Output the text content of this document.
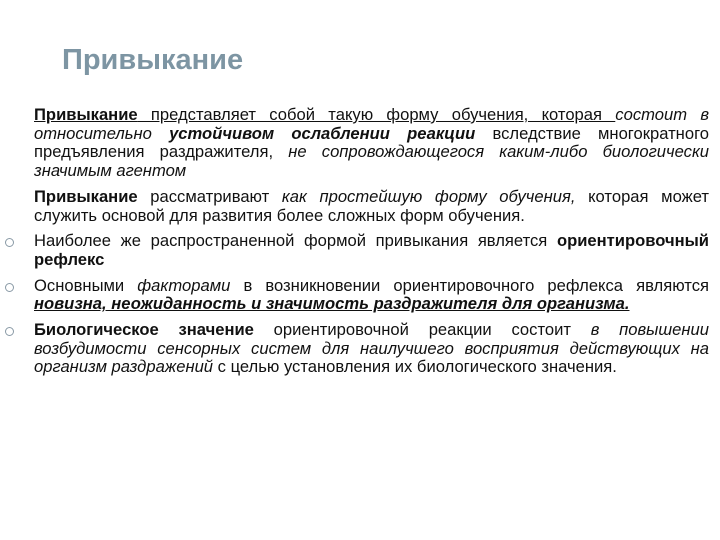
Привыкание
Привыкание представляет собой такую форму обучения, которая состоит в относительно устойчивом ослаблении реакции вследствие многократного предъявления раздражителя, не сопровождающегося каким-либо биологически значимым агентом
Привыкание рассматривают как простейшую форму обучения, которая может служить основой для развития более сложных форм обучения.
Наиболее же распространенной формой привыкания является ориентировочный рефлекс
Основными факторами в возникновении ориентировочного рефлекса являются новизна, неожиданность и значимость раздражителя для организма.
Биологическое значение ориентировочной реакции состоит в повышении возбудимости сенсорных систем для наилучшего восприятия действующих на организм раздражений с целью установления их биологического значения.
